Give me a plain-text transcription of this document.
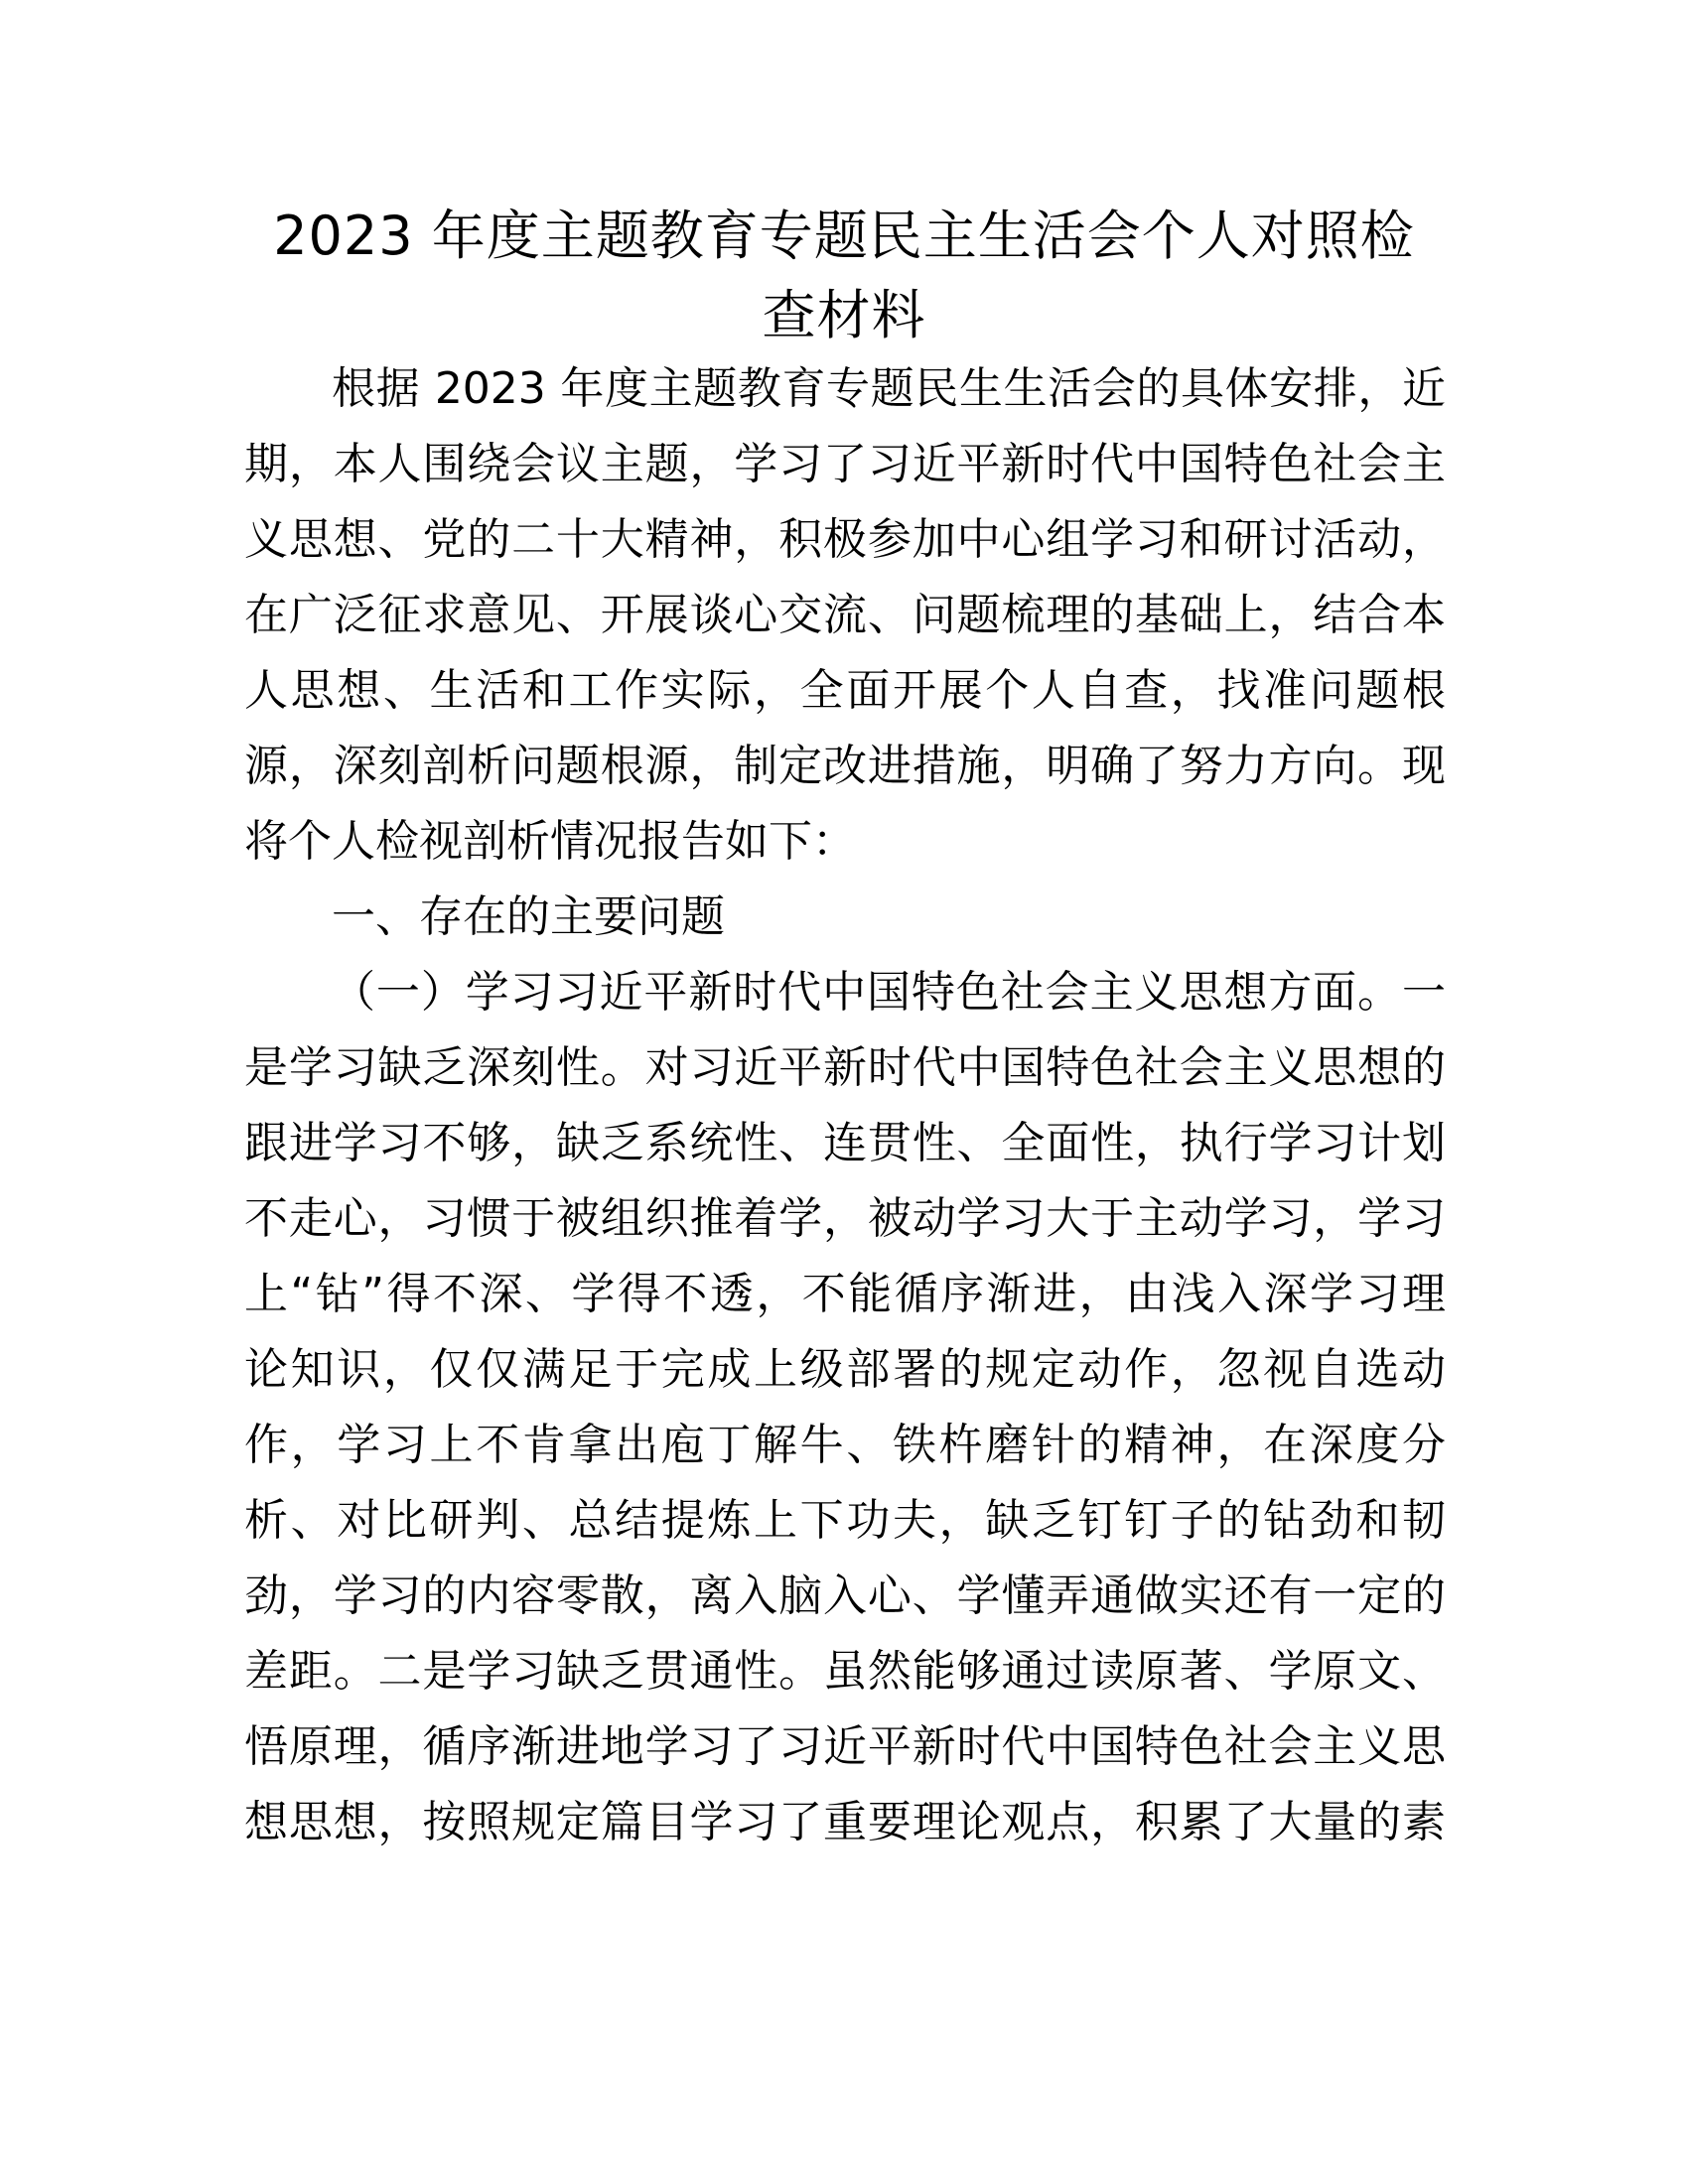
2023 年度主题教育专题民主生活会个人对照检
查材料
根据 2023 年度主题教育专题民生生活会的具体安排，近
期，本人围绕会议主题，学习了习近平新时代中国特色社会主
义思想、党的二十大精神，积极参加中心组学习和研讨活动，
在广泛征求意见、开展谈心交流、问题梳理的基础上，结合本
人思想、生活和工作实际，全面开展个人自查，找准问题根
源，深刻剖析问题根源，制定改进措施，明确了努力方向。现
将个人检视剖析情况报告如下：
一、存在的主要问题
（一）学习习近平新时代中国特色社会主义思想方面。一
是学习缺乏深刻性。对习近平新时代中国特色社会主义思想的
跟进学习不够，缺乏系统性、连贯性、全面性，执行学习计划
不走心，习惯于被组织推着学，被动学习大于主动学习，学习
上“钻”得不深、学得不透，不能循序渐进，由浅入深学习理
论知识，仅仅满足于完成上级部署的规定动作，忽视自选动
作，学习上不肯拿出庖丁解牛、铁杵磨针的精神，在深度分
析、对比研判、总结提炼上下功夫，缺乏钉钉子的钻劲和韧
劲，学习的内容零散，离入脑入心、学懂弄通做实还有一定的
差距。二是学习缺乏贯通性。虽然能够通过读原著、学原文、
悟原理，循序渐进地学习了习近平新时代中国特色社会主义思
想思想，按照规定篇目学习了重要理论观点，积累了大量的素
